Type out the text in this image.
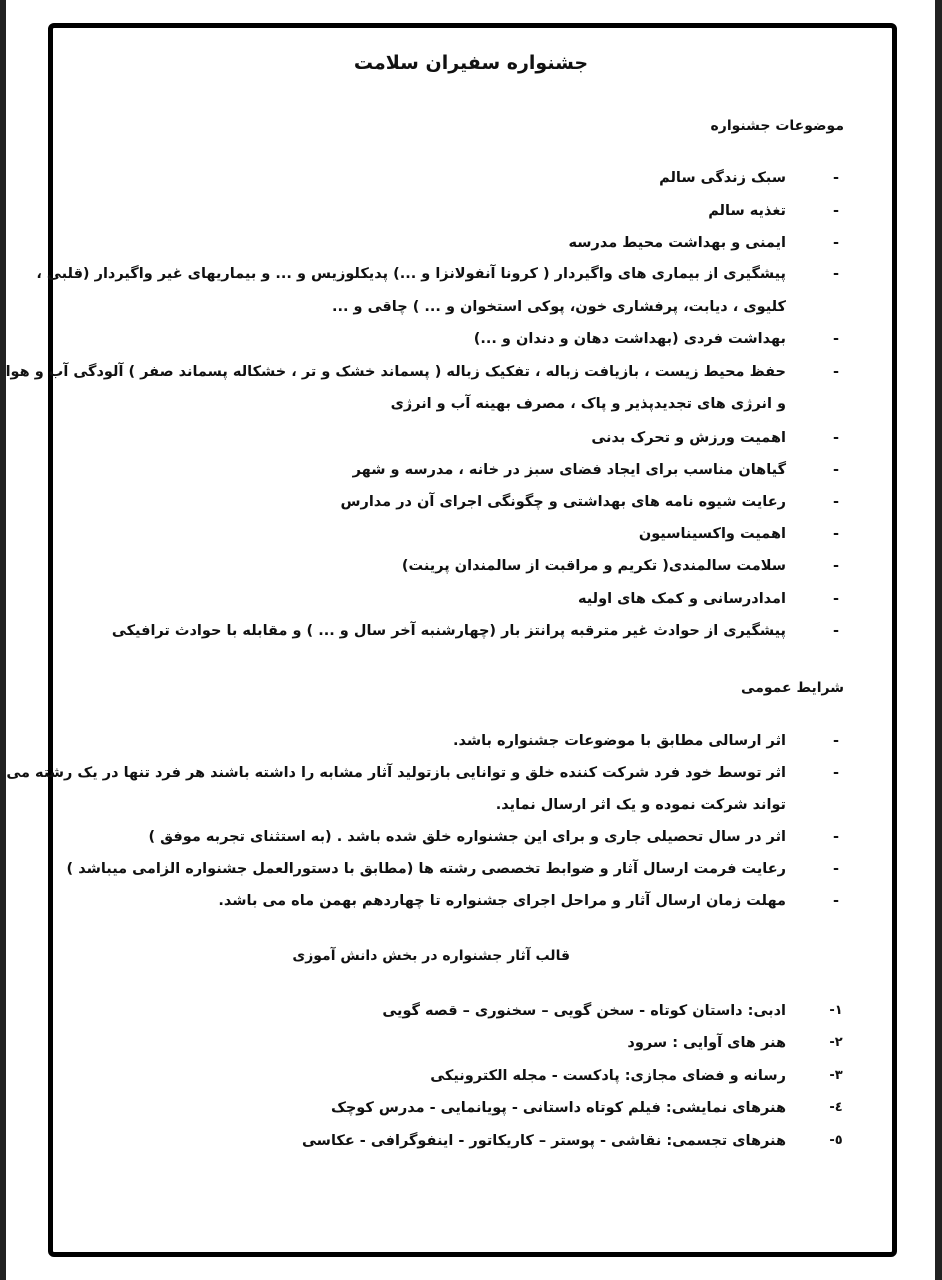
جشنواره سفیران سلامت
موضوعات جشنواره
-
سبک زندگی سالم
-
تغذیه سالم
-
ایمنی و بهداشت محیط مدرسه
-
پیشگیری از بیماری های واگیردار ( کرونا آنفولانزا و ...) پدیکلوزیس و ... و بیماریهای غیر واگیردار (قلبی ،
کلیوی ، دیابت، پرفشاری خون، پوکی استخوان و ... ) چاقی و ...
-
بهداشت فردی (بهداشت دهان و دندان و ...)
-
حفظ محیط زیست ، بازیافت زباله ، تفکیک زباله ( پسماند خشک و تر ، خشکاله پسماند صفر ) آلودگی آب و هوا
و انرژی های تجدیدپذیر و پاک ، مصرف بهینه آب و انرژی
-
اهمیت ورزش و تحرک بدنی
-
گیاهان مناسب برای ایجاد فضای سبز در خانه ، مدرسه و شهر
-
رعایت شیوه نامه های بهداشتی و چگونگی اجرای آن در مدارس
-
اهمیت واکسیناسیون
-
سلامت سالمندی( تکریم و مراقبت از سالمندان پرینت)
-
امدادرسانی و کمک های اولیه
-
پیشگیری از حوادث غیر مترقبه پرانتز بار (چهارشنبه آخر سال و ... ) و مقابله با حوادث ترافیکی
شرایط عمومی
-
اثر ارسالی مطابق با موضوعات جشنواره باشد.
-
اثر توسط خود فرد شرکت کننده خلق و توانایی بازتولید آثار مشابه را داشته باشند هر فرد تنها در یک رشته می
تواند شرکت نموده و یک اثر ارسال نماید.
-
اثر در سال تحصیلی جاری و برای این جشنواره خلق شده باشد . (به استثنای تجربه موفق )
-
رعایت فرمت ارسال آثار و ضوابط تخصصی رشته ها (مطابق با دستورالعمل جشنواره الزامی میباشد )
-
مهلت زمان ارسال آثار و مراحل اجرای جشنواره تا چهاردهم بهمن ماه می باشد.
قالب آثار جشنواره در بخش دانش آموزی
۱-
ادبی: داستان کوتاه - سخن گویی – سخنوری – قصه گویی
۲-
هنر های آوایی : سرود
۳-
رسانه و فضای مجازی: پادکست - مجله الکترونیکی
٤-
هنرهای نمایشی: فیلم کوتاه داستانی - پویانمایی - مدرس کوچک
٥-
هنرهای تجسمی: نقاشی - پوستر – کاریکاتور - اینفوگرافی - عکاسی
